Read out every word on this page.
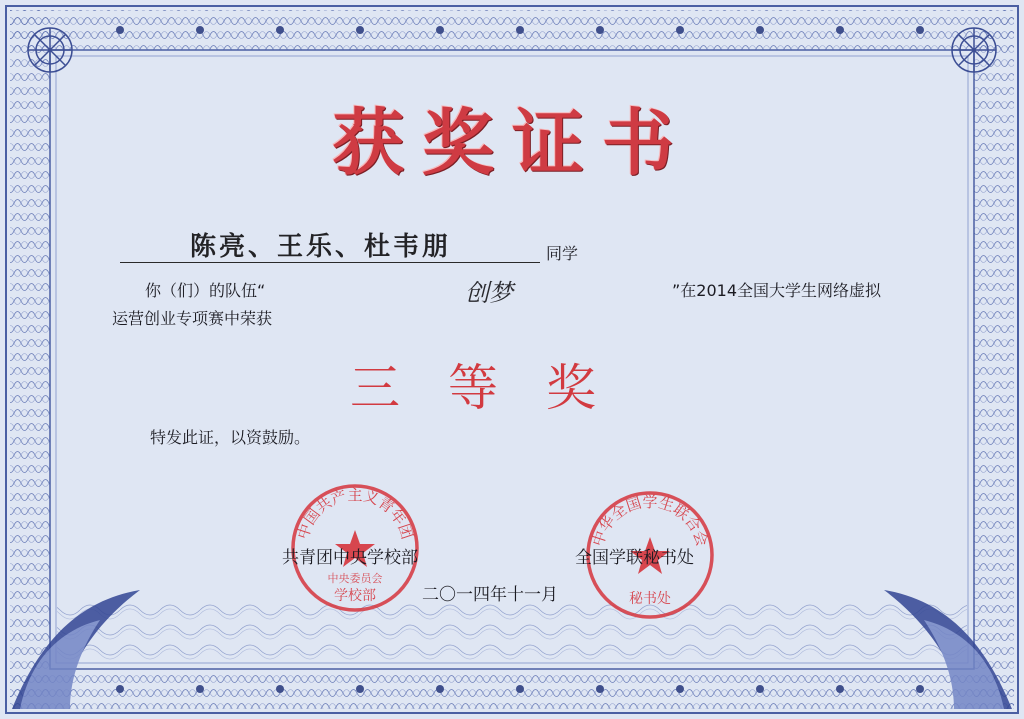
获奖证书
陈亮、王乐、杜韦朋	同学
你（们）的队伍“	创梦	”在2014全国大学生网络虚拟
运营创业专项赛中荣获
三等奖
特发此证，以资鼓励。
中国共产主义青年团
中央委员会
学校部
中华全国学生联合会
秘书处
共青团中央学校部	全国学联秘书处
二〇一四年十一月
